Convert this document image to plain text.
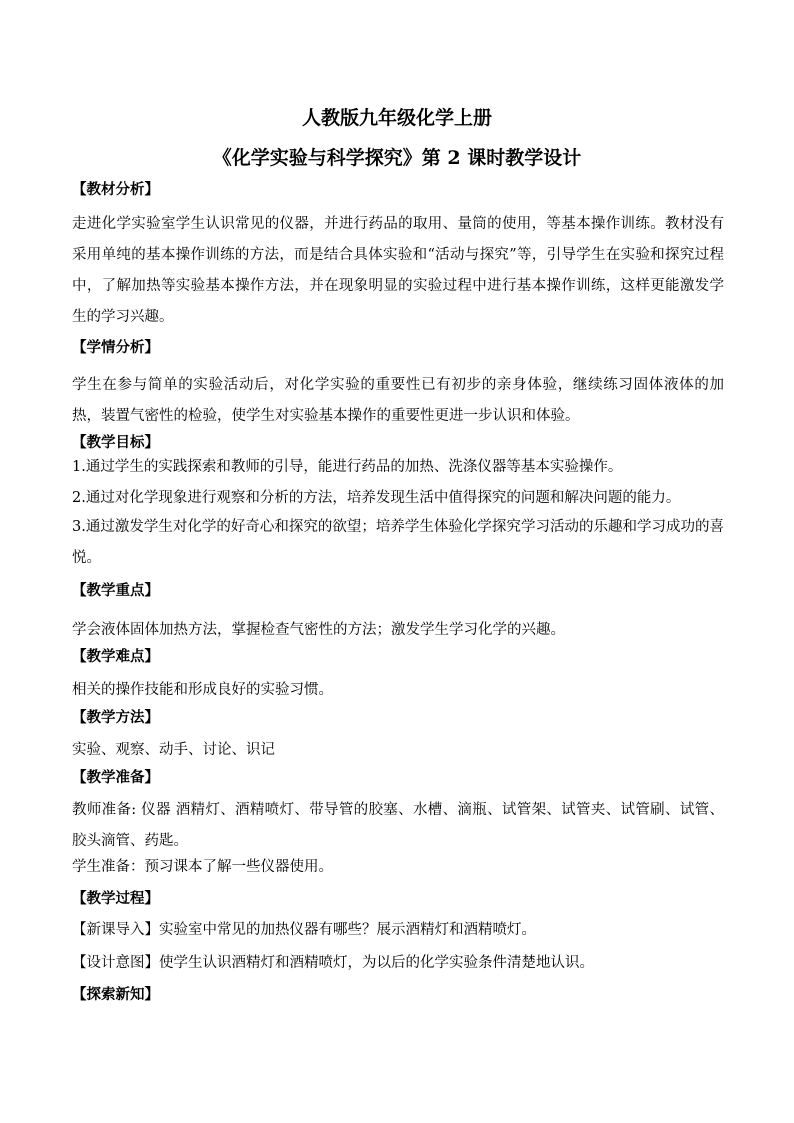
人教版九年级化学上册
《化学实验与科学探究》第 2 课时教学设计
【教材分析】
走进化学实验室学生认识常见的仪器，并进行药品的取用、量筒的使用，等基本操作训练。教材没有采用单纯的基本操作训练的方法，而是结合具体实验和“活动与探究”等，引导学生在实验和探究过程中，了解加热等实验基本操作方法，并在现象明显的实验过程中进行基本操作训练，这样更能激发学生的学习兴趣。
【学情分析】
学生在参与简单的实验活动后，对化学实验的重要性已有初步的亲身体验，继续练习固体液体的加热，装置气密性的检验，使学生对实验基本操作的重要性更进一步认识和体验。
【教学目标】
1.通过学生的实践探索和教师的引导，能进行药品的加热、洗涤仪器等基本实验操作。
2.通过对化学现象进行观察和分析的方法，培养发现生活中值得探究的问题和解决问题的能力。
3.通过激发学生对化学的好奇心和探究的欲望；培养学生体验化学探究学习活动的乐趣和学习成功的喜悦。
【教学重点】
学会液体固体加热方法，掌握检查气密性的方法；激发学生学习化学的兴趣。
【教学难点】
相关的操作技能和形成良好的实验习惯。
【教学方法】
实验、观察、动手、讨论、识记
【教学准备】
教师准备: 仪器 酒精灯、酒精喷灯、带导管的胶塞、水槽、滴瓶、试管架、试管夹、试管刷、试管、胶头滴管、药匙。
学生准备：预习课本了解一些仪器使用。
【教学过程】
【新课导入】实验室中常见的加热仪器有哪些？展示酒精灯和酒精喷灯。
【设计意图】使学生认识酒精灯和酒精喷灯，为以后的化学实验条件清楚地认识。
【探索新知】
